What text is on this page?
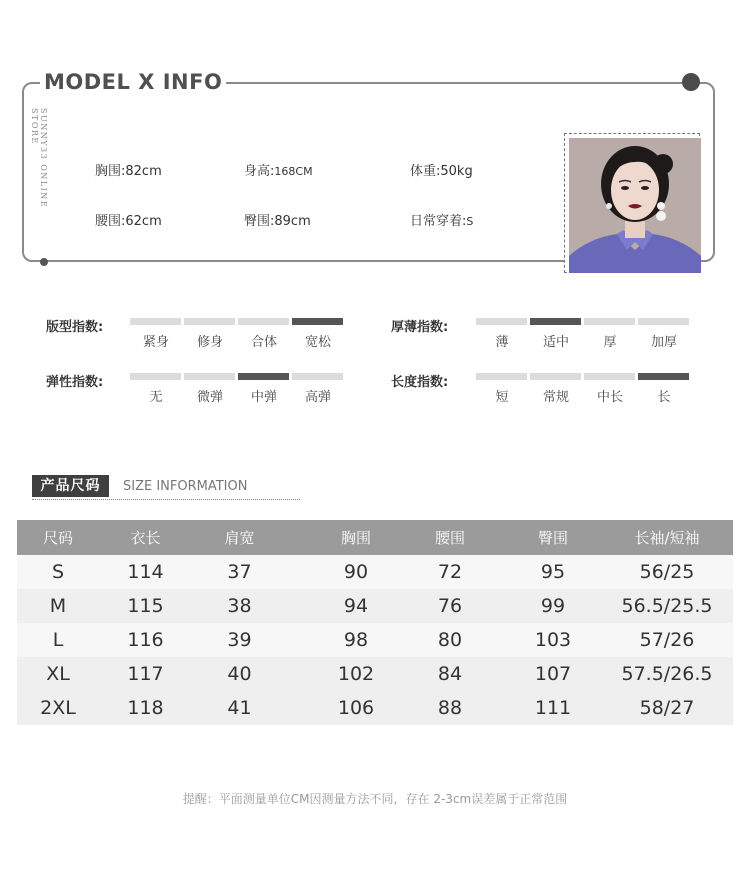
MODEL X INFO
SUNNY33 ONLINE STORE
胸围:82cm	身高:168CM	体重:50kg
腰围:62cm	臀围:89cm	日常穿着:S
版型指数:
紧身	修身	合体	宽松
厚薄指数:
薄	适中	厚	加厚
弹性指数:
无	微弹	中弹	高弹
长度指数:
短	常规	中长	长
产品尺码	SIZE INFORMATION
尺码	衣长	肩宽	胸围	腰围	臀围	长袖/短袖
S	114	37	90	72	95	56/25
M	115	38	94	76	99	56.5/25.5
L	116	39	98	80	103	57/26
XL	117	40	102	84	107	57.5/26.5
2XL	118	41	106	88	111	58/27
提醒：平面测量单位CM因测量方法不同，存在 2-3cm误差属于正常范围
